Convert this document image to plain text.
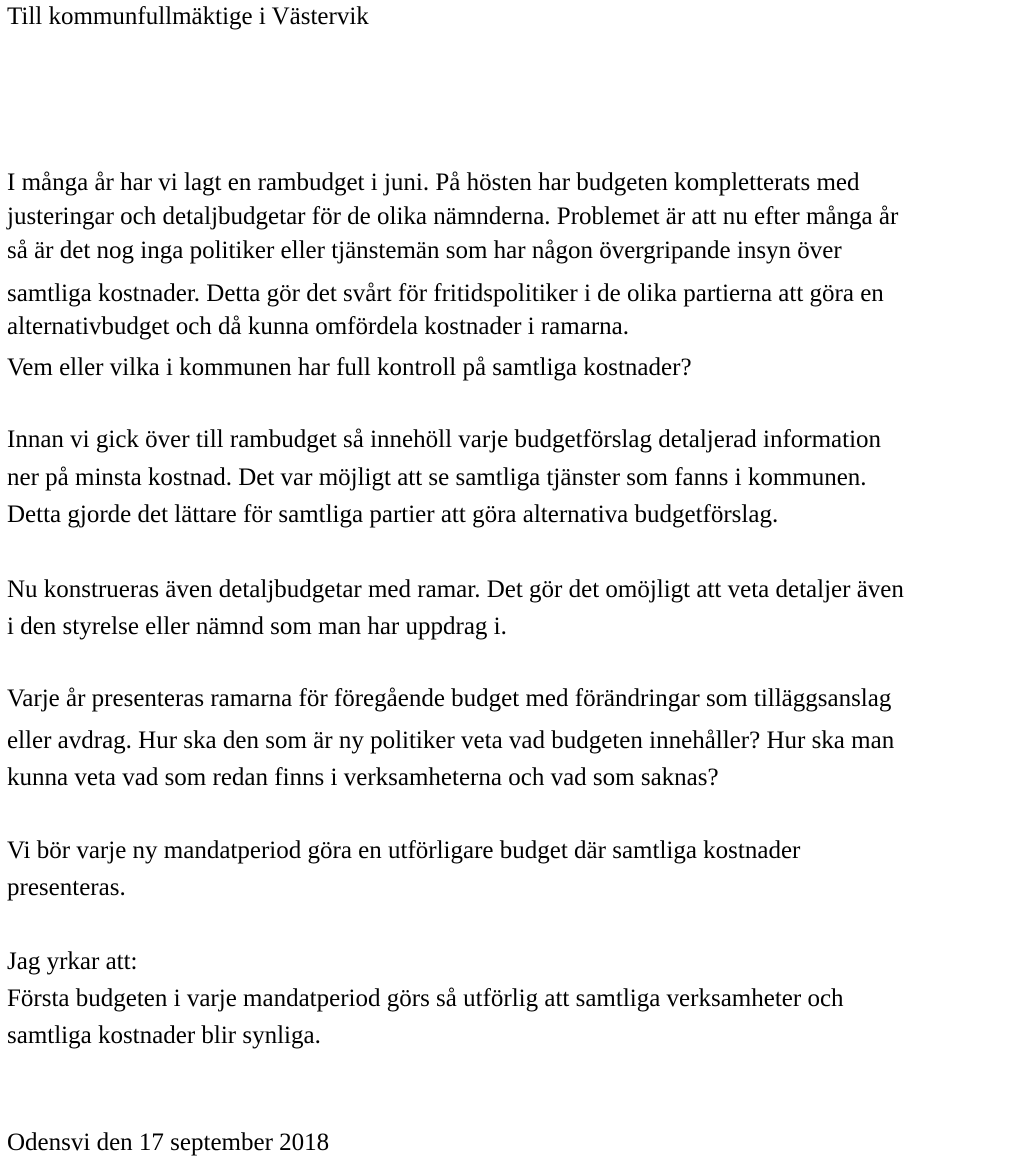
Till kommunfullmäktige i Västervik
I många år har vi lagt en rambudget i juni. På hösten har budgeten kompletterats med
justeringar och detaljbudgetar för de olika nämnderna. Problemet är att nu efter många år
så är det nog inga politiker eller tjänstemän som har någon övergripande insyn över
samtliga kostnader. Detta gör det svårt för fritidspolitiker i de olika partierna att göra en
alternativbudget och då kunna omfördela kostnader i ramarna.
Vem eller vilka i kommunen har full kontroll på samtliga kostnader?
Innan vi gick över till rambudget så innehöll varje budgetförslag detaljerad information
ner på minsta kostnad. Det var möjligt att se samtliga tjänster som fanns i kommunen.
Detta gjorde det lättare för samtliga partier att göra alternativa budgetförslag.
Nu konstrueras även detaljbudgetar med ramar. Det gör det omöjligt att veta detaljer även
i den styrelse eller nämnd som man har uppdrag i.
Varje år presenteras ramarna för föregående budget med förändringar som tilläggsanslag
eller avdrag. Hur ska den som är ny politiker veta vad budgeten innehåller? Hur ska man
kunna veta vad som redan finns i verksamheterna och vad som saknas?
Vi bör varje ny mandatperiod göra en utförligare budget där samtliga kostnader
presenteras.
Jag yrkar att:
Första budgeten i varje mandatperiod görs så utförlig att samtliga verksamheter och
samtliga kostnader blir synliga.
Odensvi den 17 september 2018
